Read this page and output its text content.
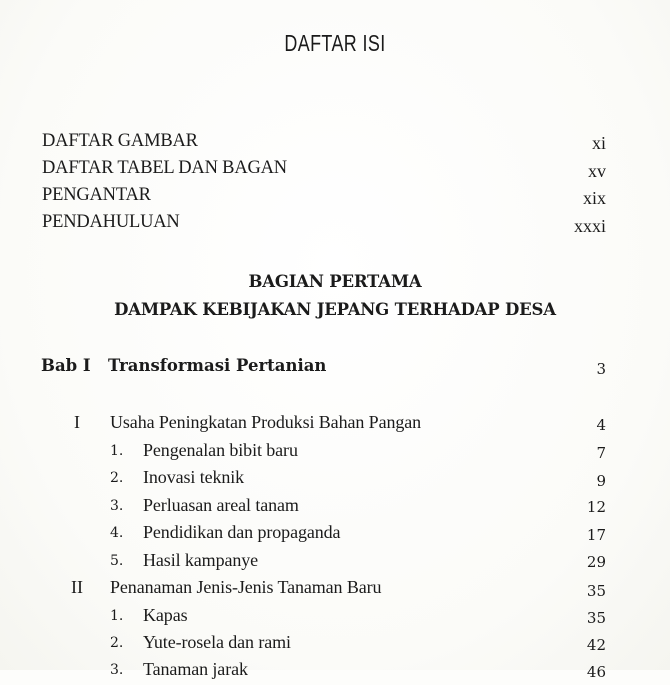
DAFTAR ISI
DAFTAR GAMBAR	xi
DAFTAR TABEL DAN BAGAN	xv
PENGANTAR	xix
PENDAHULUAN	xxxi
BAGIAN PERTAMA
DAMPAK KEBIJAKAN JEPANG TERHADAP DESA
Bab I Transformasi Pertanian	3
I Usaha Peningkatan Produksi Bahan Pangan	4
1. Pengenalan bibit baru	7
2. Inovasi teknik	9
3. Perluasan areal tanam	12
4. Pendidikan dan propaganda	17
5. Hasil kampanye	29
II Penanaman Jenis-Jenis Tanaman Baru	35
1. Kapas	35
2. Yute-rosela dan rami	42
3. Tanaman jarak	46
